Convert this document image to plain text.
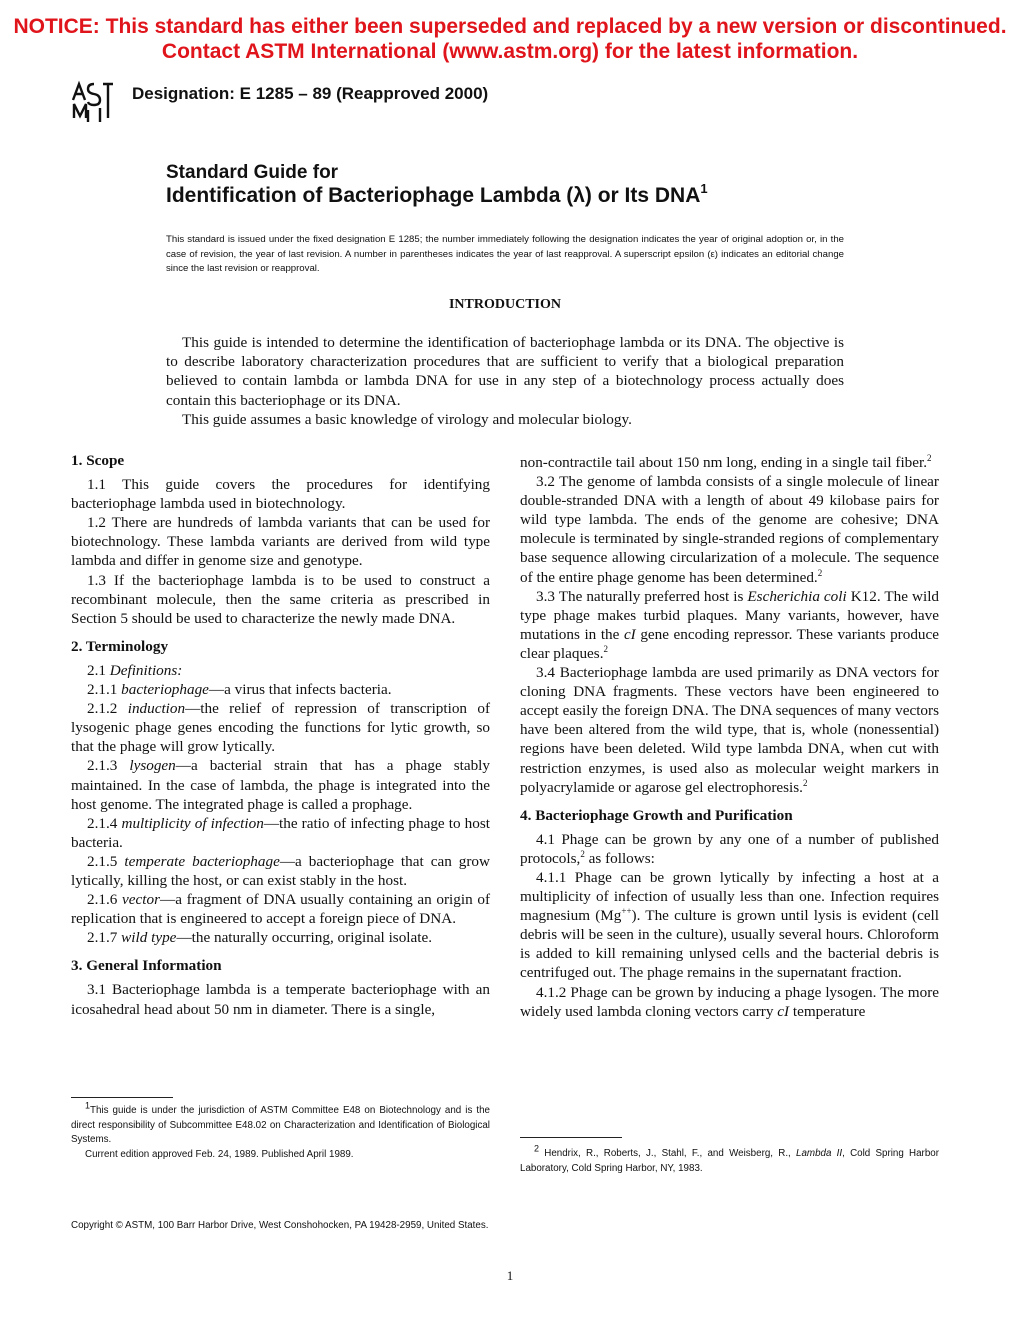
NOTICE: This standard has either been superseded and replaced by a new version or discontinued.
Contact ASTM International (www.astm.org) for the latest information.
ASTM
Designation: E 1285 – 89 (Reapproved 2000)
Standard Guide for
Identification of Bacteriophage Lambda (λ) or Its DNA$^1$
This standard is issued under the fixed designation E 1285; the number immediately following the designation indicates the year of original adoption or, in the case of revision, the year of last revision. A number in parentheses indicates the year of last reapproval. A superscript epsilon (ε) indicates an editorial change since the last revision or reapproval.
INTRODUCTION

This guide is intended to determine the identification of bacteriophage lambda or its DNA. The objective is to describe laboratory characterization procedures that are sufficient to verify that a biological preparation believed to contain lambda or lambda DNA for use in any step of a biotechnology process actually does contain this bacteriophage or its DNA.

This guide assumes a basic knowledge of virology and molecular biology.

1. Scope

1.1 This guide covers the procedures for identifying bacteriophage lambda used in biotechnology.

1.2 There are hundreds of lambda variants that can be used for biotechnology. These lambda variants are derived from wild type lambda and differ in genome size and genotype.

1.3 If the bacteriophage lambda is to be used to construct a recombinant molecule, then the same criteria as prescribed in Section 5 should be used to characterize the newly made DNA.

2. Terminology

2.1 Definitions:

2.1.1 bacteriophage—a virus that infects bacteria.

2.1.2 induction—the relief of repression of transcription of lysogenic phage genes encoding the functions for lytic growth, so that the phage will grow lytically.

2.1.3 lysogen—a bacterial strain that has a phage stably maintained. In the case of lambda, the phage is integrated into the host genome. The integrated phage is called a prophage.

2.1.4 multiplicity of infection—the ratio of infecting phage to host bacteria.

2.1.5 temperate bacteriophage—a bacteriophage that can grow lytically, killing the host, or can exist stably in the host.

2.1.6 vector—a fragment of DNA usually containing an origin of replication that is engineered to accept a foreign piece of DNA.

2.1.7 wild type—the naturally occurring, original isolate.

3. General Information

3.1 Bacteriophage lambda is a temperate bacteriophage with an icosahedral head about 50 nm in diameter. There is a single,

non-contractile tail about 150 nm long, ending in a single tail fiber.$^2$

3.2 The genome of lambda consists of a single molecule of linear double-stranded DNA with a length of about 49 kilobase pairs for wild type lambda. The ends of the genome are cohesive; DNA molecule is terminated by single-stranded regions of complementary base sequence allowing circularization of a molecule. The sequence of the entire phage genome has been determined.$^2$

3.3 The naturally preferred host is Escherichia coli K12. The wild type phage makes turbid plaques. Many variants, however, have mutations in the cI gene encoding repressor. These variants produce clear plaques.$^2$

3.4 Bacteriophage lambda are used primarily as DNA vectors for cloning DNA fragments. These vectors have been engineered to accept easily the foreign DNA. The DNA sequences of many vectors have been altered from the wild type, that is, whole (nonessential) regions have been deleted. Wild type lambda DNA, when cut with restriction enzymes, is used also as molecular weight markers in polyacrylamide or agarose gel electrophoresis.$^2$

4. Bacteriophage Growth and Purification

4.1 Phage can be grown by any one of a number of published protocols,$^2$ as follows:

4.1.1 Phage can be grown lytically by infecting a host at a multiplicity of infection of usually less than one. Infection requires magnesium (Mg++). The culture is grown until lysis is evident (cell debris will be seen in the culture), usually several hours. Chloroform is added to kill remaining unlysed cells and the bacterial debris is centrifuged out. The phage remains in the supernatant fraction.

4.1.2 Phage can be grown by inducing a phage lysogen. The more widely used lambda cloning vectors carry cI temperature

$^1$This guide is under the jurisdiction of ASTM Committee E48 on Biotechnology and is the direct responsibility of Subcommittee E48.02 on Characterization and Identification of Biological Systems.

Current edition approved Feb. 24, 1989. Published April 1989.

$^2$ Hendrix, R., Roberts, J., Stahl, F., and Weisberg, R., Lambda II, Cold Spring Harbor Laboratory, Cold Spring Harbor, NY, 1983.

Copyright © ASTM, 100 Barr Harbor Drive, West Conshohocken, PA 19428-2959, United States.
1
